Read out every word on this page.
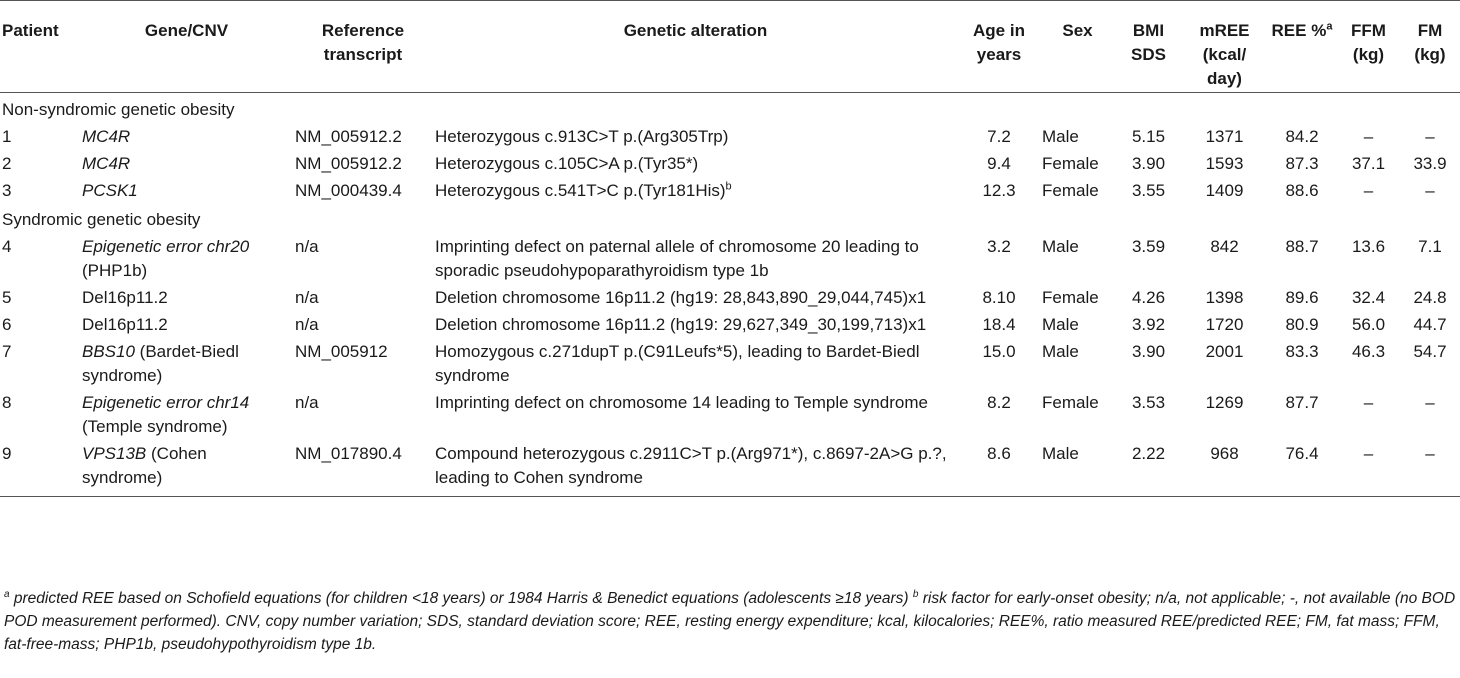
Patient	Gene/CNV	Reference transcript	Genetic alteration	Age in years	Sex	BMI SDS	mREE (kcal/ day)	REE %$^a$	FFM (kg)	FM (kg)
Non-syndromic genetic obesity										
1	MC4R	NM_005912.2	Heterozygous c.913C>T p.(Arg305Trp)	7.2	Male	5.15	1371	84.2	–	–
2	MC4R	NM_005912.2	Heterozygous c.105C>A p.(Tyr35*)	9.4	Female	3.90	1593	87.3	37.1	33.9
3	PCSK1	NM_000439.4	Heterozygous c.541T>C $p.(Tyr181His)^b$	12.3	Female	3.55	1409	88.6	–	–
Syndromic genetic obesity										
4	Epigenetic error chr20 (PHP1b)	n/a	Imprinting defect on paternal allele of chromosome 20 leading to sporadic pseudohypoparathyroidism type 1b	3.2	Male	3.59	842	88.7	13.6	7.1
5	Del16p11.2	n/a	Deletion chromosome 16p11.2 (hg19: 28,843,890_29,044,745)x1	8.10	Female	4.26	1398	89.6	32.4	24.8
6	Del16p11.2	n/a	Deletion chromosome 16p11.2 (hg19: 29,627,349_30,199,713)x1	18.4	Male	3.92	1720	80.9	56.0	44.7
7	BBS10 (Bardet-Biedl syndrome)	NM_005912	Homozygous c.271dupT p.(C91Leufs*5), leading to Bardet-Biedl syndrome	15.0	Male	3.90	2001	83.3	46.3	54.7
8	Epigenetic error chr14 (Temple syndrome)	n/a	Imprinting defect on chromosome 14 leading to Temple syndrome	8.2	Female	3.53	1269	87.7	–	–
9	VPS13B (Cohen syndrome)	NM_017890.4	Compound heterozygous c.2911C>T p.(Arg971*), c.8697-2A>G p.?, leading to Cohen syndrome	8.6	Male	2.22	968	76.4	–	–
$^a$ predicted REE based on Schofield equations (for children <18 years) or 1984 Harris & Benedict equations (adolescents ≥18 years) $^b$ risk factor for early-onset obesity; n/a, not applicable; -, not available (no BOD POD measurement performed). CNV, copy number variation; SDS, standard deviation score; REE, resting energy expenditure; kcal, kilocalories; REE%, ratio measured REE/predicted REE; FM, fat mass; FFM, fat-free-mass; PHP1b, pseudohypothyroidism type 1b.
